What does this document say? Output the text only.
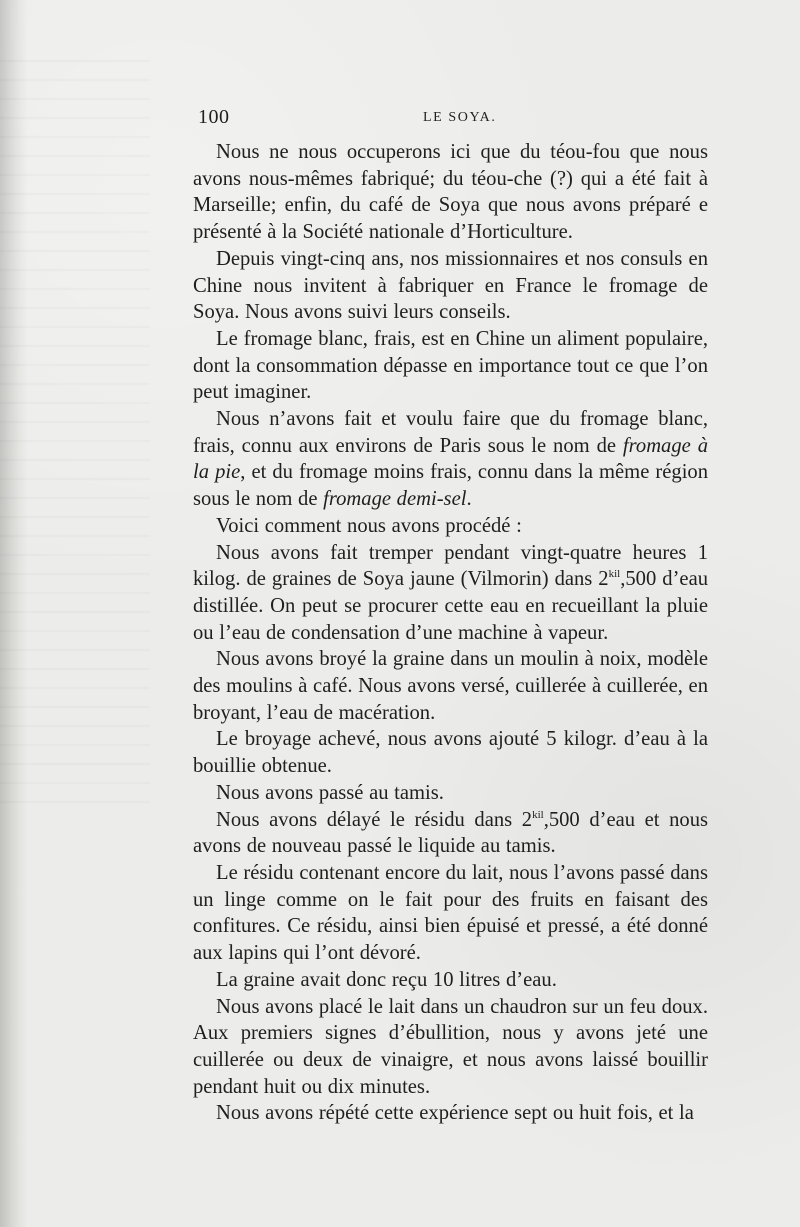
100	LE SOYA.

Nous ne nous occuperons ici que du téou-fou que nous avons nous-mêmes fabriqué; du téou-che (?) qui a été fait à Marseille; enfin, du café de Soya que nous avons préparé e présenté à la Société nationale d’Horticulture.

Depuis vingt-cinq ans, nos missionnaires et nos consuls en Chine nous invitent à fabriquer en France le fromage de Soya. Nous avons suivi leurs conseils.

Le fromage blanc, frais, est en Chine un aliment populaire, dont la consommation dépasse en importance tout ce que l’on peut imaginer.

Nous n’avons fait et voulu faire que du fromage blanc, frais, connu aux environs de Paris sous le nom de fromage à la pie, et du fromage moins frais, connu dans la même région sous le nom de fromage demi-sel.

Voici comment nous avons procédé :

Nous avons fait tremper pendant vingt-quatre heures 1 kilog. de graines de Soya jaune (Vilmorin) dans $2^{kil},500$ d’eau distillée. On peut se procurer cette eau en recueillant la pluie ou l’eau de condensation d’une machine à vapeur.

Nous avons broyé la graine dans un moulin à noix, modèle des moulins à café. Nous avons versé, cuillerée à cuillerée, en broyant, l’eau de macération.

Le broyage achevé, nous avons ajouté 5 kilogr. d’eau à la bouillie obtenue.

Nous avons passé au tamis.

Nous avons délayé le résidu dans $2^{kil},500$ d’eau et nous avons de nouveau passé le liquide au tamis.

Le résidu contenant encore du lait, nous l’avons passé dans un linge comme on le fait pour des fruits en faisant des confitures. Ce résidu, ainsi bien épuisé et pressé, a été donné aux lapins qui l’ont dévoré.

La graine avait donc reçu 10 litres d’eau.

Nous avons placé le lait dans un chaudron sur un feu doux. Aux premiers signes d’ébullition, nous y avons jeté une cuillerée ou deux de vinaigre, et nous avons laissé bouillir pendant huit ou dix minutes.

Nous avons répété cette expérience sept ou huit fois, et la
